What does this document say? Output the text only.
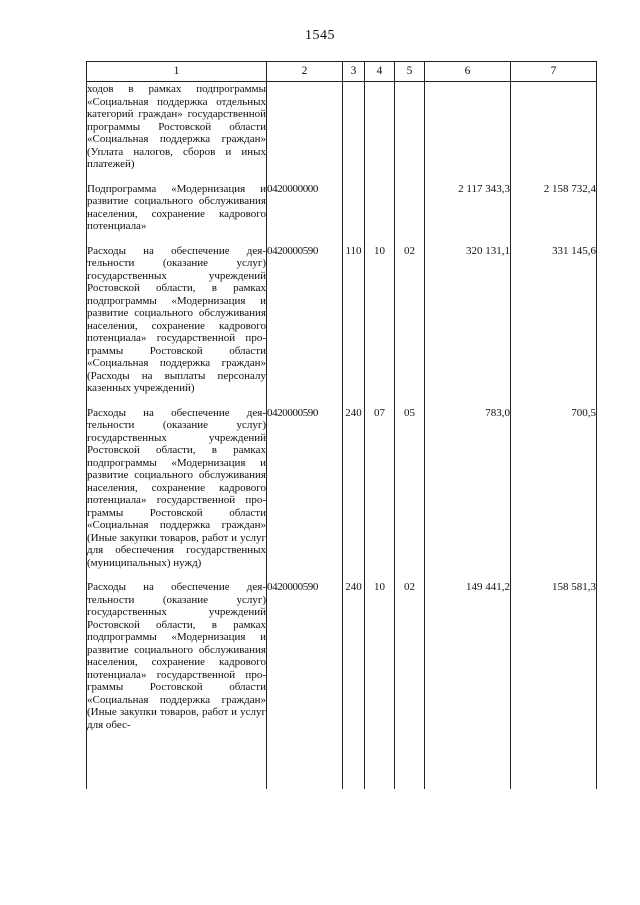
1545
1	2	3	4	5	6	7
ходов в рамках подпрограммы «Социальная поддержка отдельных категорий граждан» государственной программы Ростовской области «Социальная поддержка граждан» (Уплата налогов, сборов и иных платежей)						
Подпрограмма «Модернизация и развитие социального обслуживания населения, сохранение кадрового потенциала»	0420000000				2 117 343,3	2 158 732,4
Расходы на обеспечение деятельности (оказание услуг) государственных учреждений Ростовской области, в рамках подпрограммы «Модернизация и развитие социального обслуживания населения, сохранение кадрового потенциала» государственной программы Ростовской области «Социальная поддержка граждан» (Расходы на выплаты персоналу казенных учреждений)	0420000590	110	10	02	320 131,1	331 145,6
Расходы на обеспечение деятельности (оказание услуг) государственных учреждений Ростовской области, в рамках подпрограммы «Модернизация и развитие социального обслуживания населения, сохранение кадрового потенциала» государственной программы Ростовской области «Социальная поддержка граждан» (Иные закупки товаров, работ и услуг для обеспечения государственных (муниципальных) нужд)	0420000590	240	07	05	783,0	700,5
Расходы на обеспечение деятельности (оказание услуг) государственных учреждений Ростовской области, в рамках подпрограммы «Модернизация и развитие социального обслуживания населения, сохранение кадрового потенциала» государственной программы Ростовской области «Социальная поддержка граждан» (Иные закупки товаров, работ и услуг для обес-	0420000590	240	10	02	149 441,2	158 581,3
